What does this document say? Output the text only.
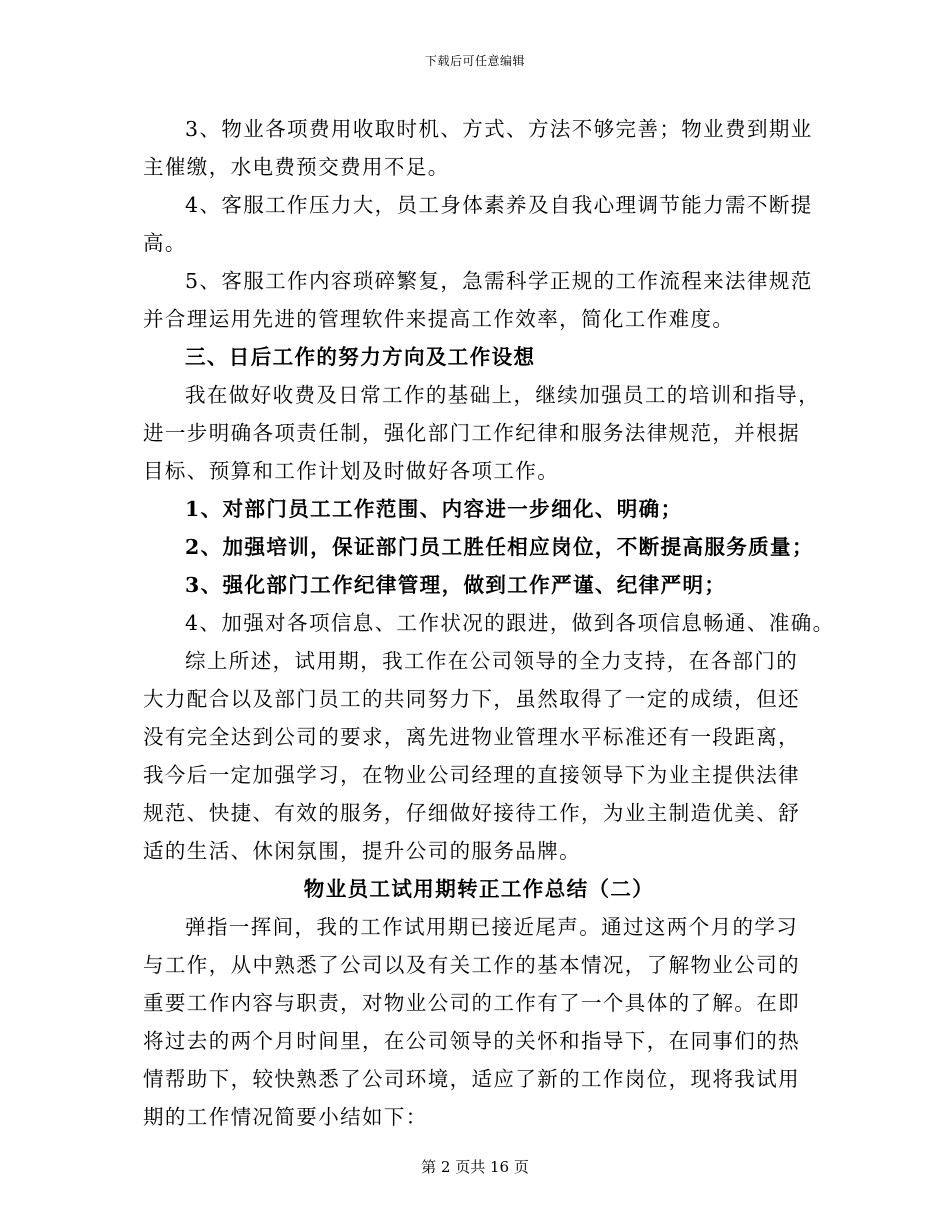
下载后可任意编辑
3、物业各项费用收取时机、方式、方法不够完善；物业费到期业
主催缴，水电费预交费用不足。
4、客服工作压力大，员工身体素养及自我心理调节能力需不断提
高。
5、客服工作内容琐碎繁复，急需科学正规的工作流程来法律规范
并合理运用先进的管理软件来提高工作效率，简化工作难度。
三、日后工作的努力方向及工作设想
我在做好收费及日常工作的基础上，继续加强员工的培训和指导，
进一步明确各项责任制，强化部门工作纪律和服务法律规范，并根据
目标、预算和工作计划及时做好各项工作。
1、对部门员工工作范围、内容进一步细化、明确；
2、加强培训，保证部门员工胜任相应岗位，不断提高服务质量；
3、强化部门工作纪律管理，做到工作严谨、纪律严明；
4、加强对各项信息、工作状况的跟进，做到各项信息畅通、准确。
综上所述，试用期，我工作在公司领导的全力支持，在各部门的
大力配合以及部门员工的共同努力下，虽然取得了一定的成绩，但还
没有完全达到公司的要求，离先进物业管理水平标准还有一段距离，
我今后一定加强学习，在物业公司经理的直接领导下为业主提供法律
规范、快捷、有效的服务，仔细做好接待工作，为业主制造优美、舒
适的生活、休闲氛围，提升公司的服务品牌。
物业员工试用期转正工作总结（二）
弹指一挥间，我的工作试用期已接近尾声。通过这两个月的学习
与工作，从中熟悉了公司以及有关工作的基本情况，了解物业公司的
重要工作内容与职责，对物业公司的工作有了一个具体的了解。在即
将过去的两个月时间里，在公司领导的关怀和指导下，在同事们的热
情帮助下，较快熟悉了公司环境，适应了新的工作岗位，现将我试用
期的工作情况简要小结如下：
第 2 页共 16 页
